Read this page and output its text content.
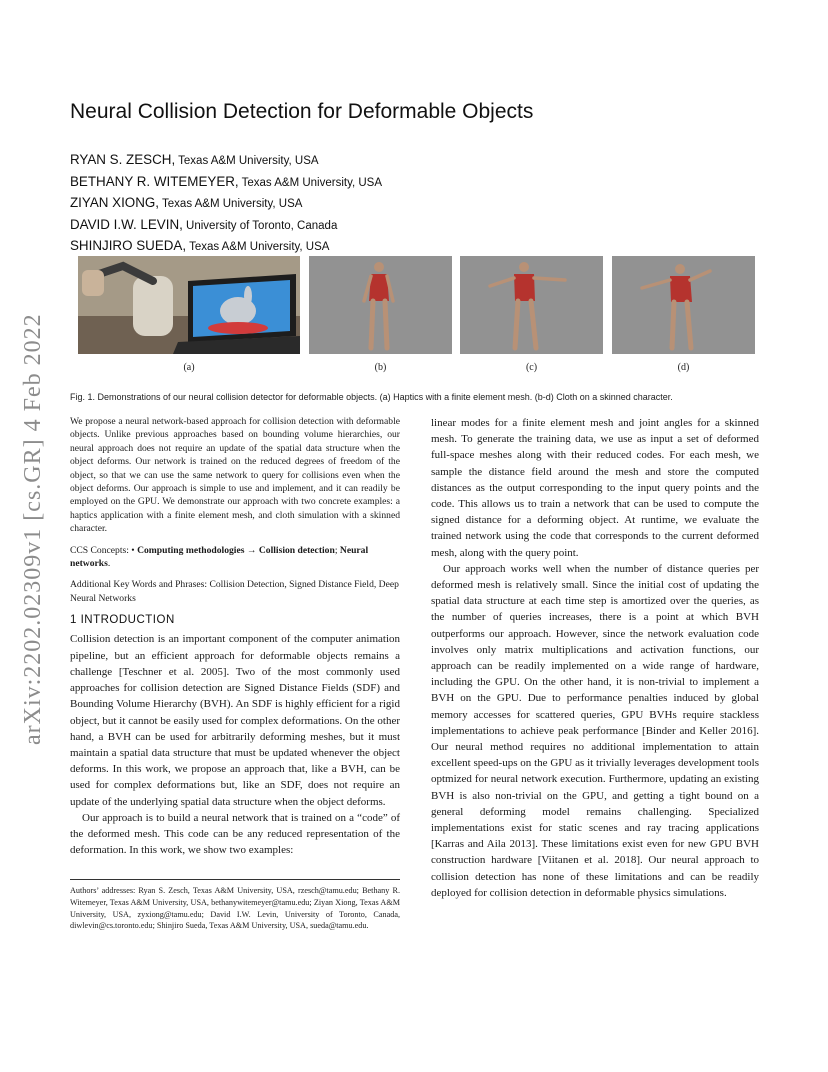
arXiv:2202.02309v1 [cs.GR] 4 Feb 2022
Neural Collision Detection for Deformable Objects
RYAN S. ZESCH, Texas A&M University, USA
BETHANY R. WITEMEYER, Texas A&M University, USA
ZIYAN XIONG, Texas A&M University, USA
DAVID I.W. LEVIN, University of Toronto, Canada
SHINJIRO SUEDA, Texas A&M University, USA
(a)	(b)	(c)	(d)
Fig. 1. Demonstrations of our neural collision detector for deformable objects. (a) Haptics with a finite element mesh. (b-d) Cloth on a skinned character.

We propose a neural network-based approach for collision detection with deformable objects. Unlike previous approaches based on bounding volume hierarchies, our neural approach does not require an update of the spatial data structure when the object deforms. Our network is trained on the reduced degrees of freedom of the object, so that we can use the same network to query for collisions even when the object deforms. Our approach is simple to use and implement, and it can readily be employed on the GPU. We demonstrate our approach with two concrete examples: a haptics application with a finite element mesh, and cloth simulation with a skinned character.

CCS Concepts: • Computing methodologies → Collision detection; Neural networks.

Additional Key Words and Phrases: Collision Detection, Signed Distance Field, Deep Neural Networks

1 INTRODUCTION

Collision detection is an important component of the computer animation pipeline, but an efficient approach for deformable objects remains a challenge [Teschner et al. 2005]. Two of the most commonly used approaches for collision detection are Signed Distance Fields (SDF) and Bounding Volume Hierarchy (BVH). An SDF is highly efficient for a rigid object, but it cannot be easily used for complex deformations. On the other hand, a BVH can be used for arbitrarily deforming meshes, but it must maintain a spatial data structure that must be updated whenever the object deforms. In this work, we propose an approach that, like a BVH, can be used for complex deformations but, like an SDF, does not require an update of the underlying spatial data structure when the object deforms.

Our approach is to build a neural network that is trained on a “code” of the deformed mesh. This code can be any reduced representation of the deformation. In this work, we show two examples:

Authors’ addresses: Ryan S. Zesch, Texas A&M University, USA, rzesch@tamu.edu; Bethany R. Witemeyer, Texas A&M University, USA, bethanywitemeyer@tamu.edu; Ziyan Xiong, Texas A&M University, USA, zyxiong@tamu.edu; David I.W. Levin, University of Toronto, Canada, diwlevin@cs.toronto.edu; Shinjiro Sueda, Texas A&M University, USA, sueda@tamu.edu.

linear modes for a finite element mesh and joint angles for a skinned mesh. To generate the training data, we use as input a set of deformed full-space meshes along with their reduced codes. For each mesh, we sample the distance field around the mesh and store the computed distances as the output corresponding to the input query points and the code. This allows us to train a network that can be used to compute the signed distance for a deforming object. At runtime, we evaluate the trained network using the code that corresponds to the current deformed mesh, along with the query point.

Our approach works well when the number of distance queries per deformed mesh is relatively small. Since the initial cost of updating the spatial data structure at each time step is amortized over the queries, as the number of queries increases, there is a point at which BVH outperforms our approach. However, since the network evaluation code involves only matrix multiplications and activation functions, our approach can be readily implemented on a wide range of hardware, including the GPU. On the other hand, it is non-trivial to implement a BVH on the GPU. Due to performance penalties induced by global memory accesses for scattered queries, GPU BVHs require stackless implementations to achieve peak performance [Binder and Keller 2016]. Our neural method requires no additional implementation to attain excellent speed-ups on the GPU as it trivially leverages development tools optmized for neural network execution. Furthermore, updating an existing BVH is also non-trivial on the GPU, and getting a tight bound on a general deforming model remains challenging. Specialized implementations exist for static scenes and ray tracing applications [Karras and Aila 2013]. These limitations exist even for new GPU BVH construction hardware [Viitanen et al. 2018]. Our neural approach to collision detection has none of these limitations and can be readily deployed for collision detection in deformable physics simulations.
